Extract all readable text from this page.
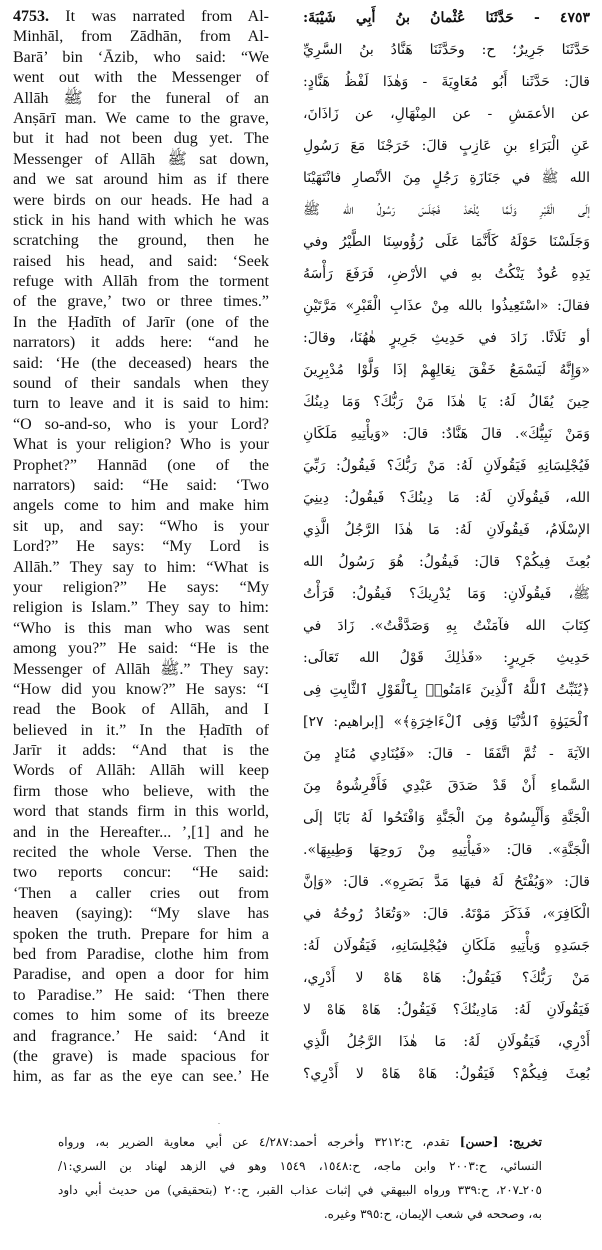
4753. It was narrated from Al-
Minhāl, from Zādhān, from Al-
Barā’ bin ‘Āzib, who said: “We
went out with the Messenger of
Allāh ﷺ for the funeral of an
Anṣārī man. We came to the grave,
but it had not been dug yet. The
Messenger of Allāh ﷺ sat down,
and we sat around him as if there
were birds on our heads. He had a
stick in his hand with which he was
scratching the ground, then he
raised his head, and said: ‘Seek
refuge with Allāh from the torment
of the grave,’ two or three times.”
In the Ḥadīth of Jarīr (one of the
narrators) it adds here: “and he
said: ‘He (the deceased) hears the
sound of their sandals when they
turn to leave and it is said to him:
“O so-and-so, who is your Lord?
What is your religion? Who is your
Prophet?” Hannād (one of the
narrators) said: “He said: ‘Two
angels come to him and make him
sit up, and say: “Who is your
Lord?” He says: “My Lord is
Allāh.” They say to him: “What is
your religion?” He says: “My
religion is Islam.” They say to him:
“Who is this man who was sent
among you?” He said: “He is the
Messenger of Allāh ﷺ.” They say:
“How did you know?” He says: “I
read the Book of Allāh, and I
believed in it.” In the Ḥadīth of
Jarīr it adds: “And that is the
Words of Allāh: Allāh will keep
firm those who believe, with the
word that stands firm in this world,
and in the Hereafter... ’,[1] and he
recited the whole Verse. Then the
two reports concur: “He said:
‘Then a caller cries out from
heaven (saying): “My slave has
spoken the truth. Prepare for him a
bed from Paradise, clothe him from
Paradise, and open a door for him
to Paradise.” He said: ‘Then there
comes to him some of its breeze
and fragrance.’ He said: ‘And it
(the grave) is made spacious for
him, as far as the eye can see.’ He
٤٧٥٣ - حَدَّثَنَا عُثْمانُ بنُ أَبِي شَيْبَةَ:
حَدَّثَنَا جَرِيرٌ؛ ح: وحَدَّثَنَا هَنَّادُ بنُ السَّرِيِّ
قالَ: حَدَّثَنا أَبُو مُعَاوِيَةَ - وَهٰذَا لَفْظُ هَنَّادٍ:
عن الأعمَشِ - عن المِنْهَالِ، عن زَاذَانَ،
عَنِ الْبَرَاءِ بنِ عَازِبٍ قالَ: خَرَجْنَا مَعَ رَسُولِ
الله ﷺ في جَنَازَةِ رَجُلٍ مِنَ الأنْصارِ فانْتَهَيْنَا
إلَى الْقَبْرِ وَلَمَّا يُلْحَدْ فَجَلَسَ رَسُولُ الله ﷺ
وَجَلَسْنَا حَوْلَهُ كَأَنَّمَا عَلَى رُؤُوسِنَا الطَّيْرُ وفي
يَدِهِ عُودٌ يَنْكُتُ بهِ في الأرْضِ، فَرَفَعَ رَأْسَهُ
فقالَ: «اسْتَعِيذُوا بالله مِنْ عذَابِ الْقَبْرِ» مَرَّتَيْنِ
أو ثَلَاثًا. زَادَ في حَدِيثِ جَرِيرٍ هٰهُنَا، وقالَ:
«وَإِنَّهُ لَيَسْمَعُ خَفْقَ نِعَالِهِمْ إذَا وَلَّوْا مُدْبِرِينَ
حِينَ يُقَالُ لَهُ: يَا هٰذَا مَنْ رَبُّكَ؟ وَمَا دِينُكَ
وَمَنْ نَبِيُّكَ». قالَ هَنَّادٌ: قالَ: «وَيأْتِيهِ مَلَكَانِ
فَيُجْلِسَانِهِ فَيَقُولَانِ لَهُ: مَنْ رَبُّكَ؟ فَيقُولُ: رَبِّيَ
الله، فَيقُولَانِ لَهُ: مَا دِينُكَ؟ فَيقُولُ: دِينِيَ
الإسْلَامُ، فَيقُولَانِ لَهُ: مَا هٰذَا الرَّجُلُ الَّذِي
بُعِثَ فِيكُمْ؟ قالَ: فَيقُولُ: هُوَ رَسُولُ الله
ﷺ، فَيقُولَانِ: وَمَا يُدْرِيكَ؟ فَيقُولُ: قَرَأْتُ
كِتَابَ الله فآمَنْتُ بِهِ وَصَدَّقْتُ». زَادَ في
حَدِيثِ جَرِيرٍ: «فَذٰلِكَ قَوْلُ الله تَعَالَى:
﴿يُثَبِّتُ ٱللَّهُ ٱلَّذِينَ ءَامَنُوا۟ بِٱلْقَوْلِ ٱلثَّابِتِ فِى
ٱلْحَيَوٰةِ ٱلدُّنْيَا وَفِى ٱلْءَاخِرَةِ﴾» [إبراهيم: ٢٧]
الآيَةَ - ثُمَّ اتَّفَقَا - قالَ: «فَيُنَادِي مُنَادٍ مِنَ
السَّماءِ أَنْ قَدْ صَدَقَ عَبْدِي فَأَفْرِشُوهُ مِنَ
الْجَنَّةِ وَأَلْبِسُوهُ مِنَ الْجَنَّةِ وَافْتَحُوا لَهُ بَابًا إلَى
الْجَنَّةِ». قالَ: «فَيأْتِيهِ مِنْ رَوحِهَا وَطِيبِهَا».
قالَ: «وَيُفْتَحُ لَهُ فيهَا مَدَّ بَصَرِهِ». قالَ: «وَإنَّ
الْكَافِرَ»، فَذَكَرَ مَوْتَهُ. قالَ: «وَتُعَادُ رُوحُهُ في
جَسَدِهِ وَيأْتِيهِ مَلَكَانِ فيُجْلِسَانِهِ، فَيَقُولَان لَهُ:
مَنْ رَبُّكَ؟ فَيَقُولُ: هَاهْ هَاهْ لا أَدْرِي،
فَيَقُولَانِ لَهُ: مَادِينُكَ؟ فَيَقُولُ: هَاهْ هَاهْ لا
أَدْرِي، فَيَقُولَانِ لَهُ: مَا هٰذَا الرَّجُلُ الَّذِي
بُعِثَ فِيكُمْ؟ فَيَقُولُ: هَاهْ هَاهْ لا أَدْرِي؟
تخريج: [حسن] تقدم، ح:٣٢١٢ وأخرجه أحمد:٤/٢٨٧ عن أبي معاوية الضرير به، ورواه
النسائي، ح:٢٠٠٣ وابن ماجه، ح:١٥٤٨، ١٥٤٩ وهو في الزهد لهناد بن السري:١/
٢٠٥ـ٢٠٧، ح:٣٣٩ ورواه البيهقي في إثبات عذاب القبر، ح:٢٠ (بتحقيقي) من حديث أبي داود
به، وصححه في شعب الإيمان، ح:٣٩٥ وغيره.
